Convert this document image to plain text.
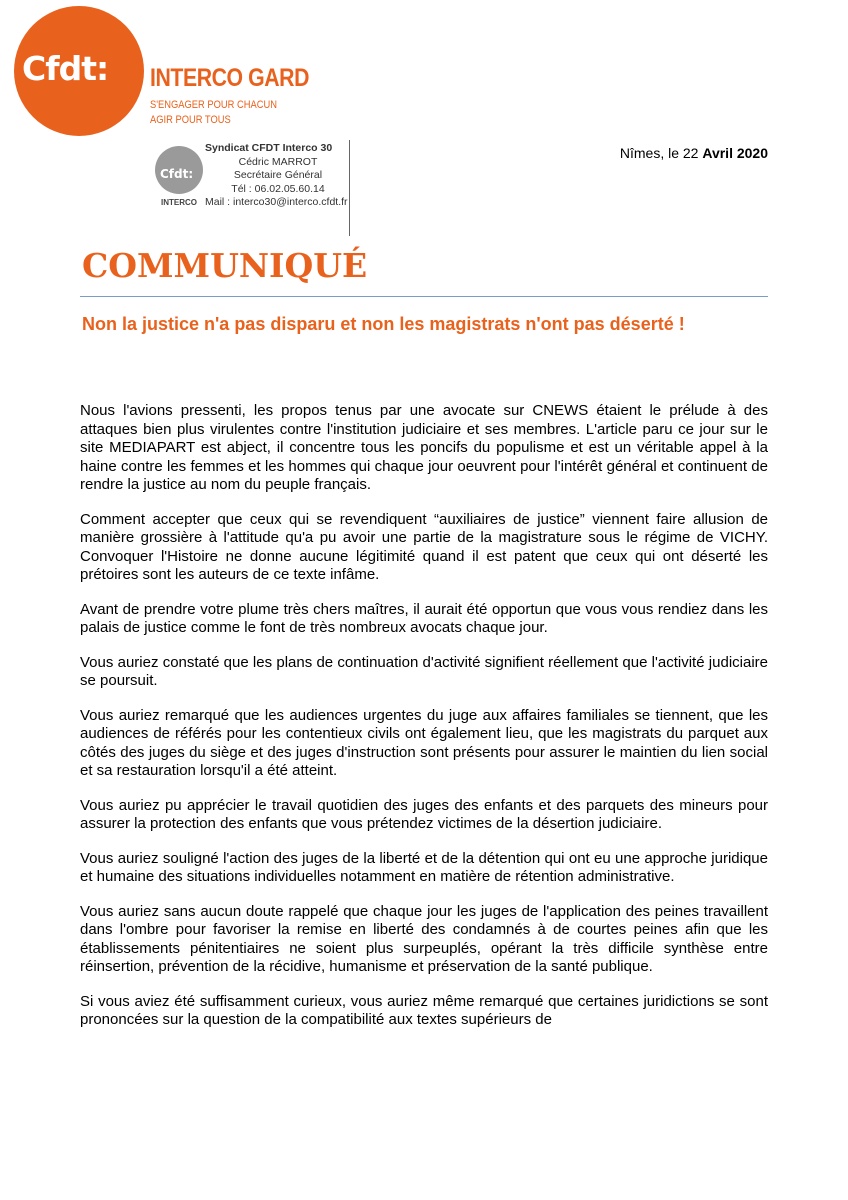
Cfdt:	INTERCO GARD
S'ENGAGER POUR CHACUN
AGIR POUR TOUS
Cfdt:
INTERCO
Syndicat CFDT Interco 30
Cédric MARROT
Secrétaire Général
Tél : 06.02.05.60.14
Mail : interco30@interco.cfdt.fr
Nîmes, le 22 Avril 2020
COMMUNIQUÉ
Non la justice n'a pas disparu et non les magistrats n'ont pas déserté !

Nous l'avions pressenti, les propos tenus par une avocate sur CNEWS étaient le prélude à des attaques bien plus virulentes contre l'institution judiciaire et ses membres. L'article paru ce jour sur le site MEDIAPART est abject, il concentre tous les poncifs du populisme et est un véritable appel à la haine contre les femmes et les hommes qui chaque jour oeuvrent pour l'intérêt général et continuent de rendre la justice au nom du peuple français.

Comment accepter que ceux qui se revendiquent “auxiliaires de justice” viennent faire allusion de manière grossière à l'attitude qu'a pu avoir une partie de la magistrature sous le régime de VICHY. Convoquer l'Histoire ne donne aucune légitimité quand il est patent que ceux qui ont déserté les prétoires sont les auteurs de ce texte infâme.

Avant de prendre votre plume très chers maîtres, il aurait été opportun que vous vous rendiez dans les palais de justice comme le font de très nombreux avocats chaque jour.

Vous auriez constaté que les plans de continuation d'activité signifient réellement que l'activité judiciaire se poursuit.

Vous auriez remarqué que les audiences urgentes du juge aux affaires familiales se tiennent, que les audiences de référés pour les contentieux civils ont également lieu, que les magistrats du parquet aux côtés des juges du siège et des juges d'instruction sont présents pour assurer le maintien du lien social et sa restauration lorsqu'il a été atteint.

Vous auriez pu apprécier le travail quotidien des juges des enfants et des parquets des mineurs pour assurer la protection des enfants que vous prétendez victimes de la désertion judiciaire.

Vous auriez souligné l'action des juges de la liberté et de la détention qui ont eu une approche juridique et humaine des situations individuelles notamment en matière de rétention administrative.

Vous auriez sans aucun doute rappelé que chaque jour les juges de l'application des peines travaillent dans l'ombre pour favoriser la remise en liberté des condamnés à de courtes peines afin que les établissements pénitentiaires ne soient plus surpeuplés, opérant la très difficile synthèse entre réinsertion, prévention de la récidive, humanisme et préservation de la santé publique.

Si vous aviez été suffisamment curieux, vous auriez même remarqué que certaines juridictions se sont prononcées sur la question de la compatibilité aux textes supérieurs de
